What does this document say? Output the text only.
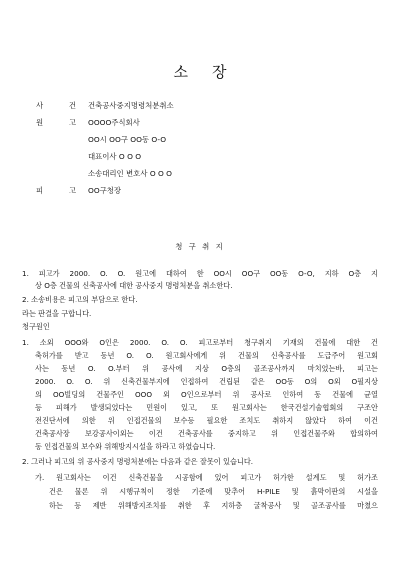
소 장
사	건 건축공사중지명령처분취소
원	고 OOOO주식회사
OO시 OO구 OO동 O-O
대표이사 O O O
소송대리인 변호사 O O O
피	고 OO구청장
청 구 취 지
1. 피고가 2000. O. O. 원고에 대하여 한 OO시 OO구 OO동 O-O, 지하 O층 지
상 O층 건물의 신축공사에 대한 공사중지 명령처분을 취소한다.
2. 소송비용은 피고의 부담으로 한다.
라는 판결을 구합니다.
청구원인
1. 소외 OOO와 O인은 2000. O. O. 피고로부터 청구취지 기재의 건물에 대한 건
축허가를 받고 동년 O. O. 원고회사에게 위 건물의 신축공사를 도급주어 원고회
사는 동년 O. O.부터 위 공사에 지상 O층의 골조공사까지 마치었는바, 피고는
2000. O. O. 위 신축건물부지에 인접하여 건립된 같은 OO동 O의 O외 O필지상
의 OO빌딩의 건물주인 OOO 외 O인으로부터 위 공사로 인하여 동 건물에 균열
등 피해가 발생되었다는 민원이 있고, 또 원고회사는 한국건설기술협회의 구조안
전진단서에 의한 위 인접건물의 보수등 필요한 조치도 취하지 않았다 하여 이건
건축공사장 보강공사이외는 이건 건축공사를 중지하고 위 인접건물주와 합의하여
동 인접건물의 보수와 위해방지시설을 하라고 하였습니다.
2. 그러나 피고의 위 공사중지 명령처분에는 다음과 같은 잘못이 있습니다.
가. 원고회사는 이건 신축건물을 시공함에 있어 피고가 허가한 설계도 및 허가조
건은 물론 위 시행규칙이 정한 기준에 맞추어 H-PILE 및 흙막이판의 시설을
하는 등 제반 위해방지조치를 취한 후 지하층 굴착공사 및 골조공사를 마쳤으
